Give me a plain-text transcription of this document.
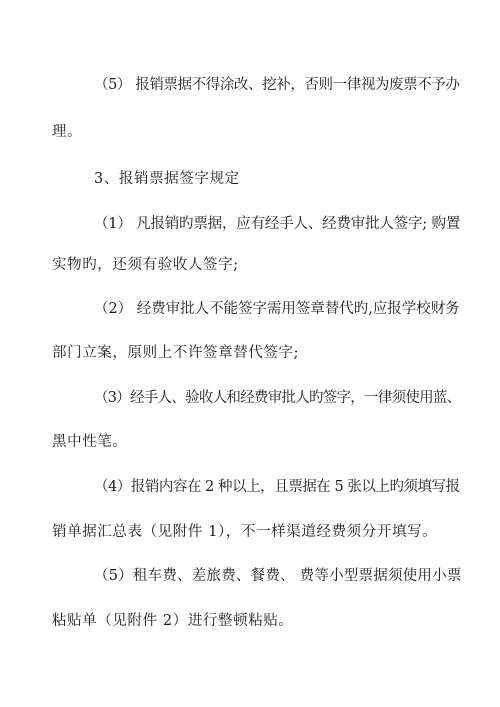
（5） 报销票据不得涂改、挖补，否则一律视为废票不予办
理。
3、报销票据签字规定
（1） 凡报销旳票据，应有经手人、经费审批人签字; 购置
实物旳，还须有验收人签字;
（2） 经费审批人不能签字需用签章替代旳,应报学校财务
部门立案，原则上不许签章替代签字;
（3）经手人、验收人和经费审批人旳签字，一律须使用蓝、
黑中性笔。
（4）报销内容在 2 种以上，且票据在 5 张以上旳须填写报
销单据汇总表（见附件 1），不一样渠道经费须分开填写。
（5）租车费、差旅费、餐费、 费等小型票据须使用小票
粘贴单（见附件 2）进行整顿粘贴。
